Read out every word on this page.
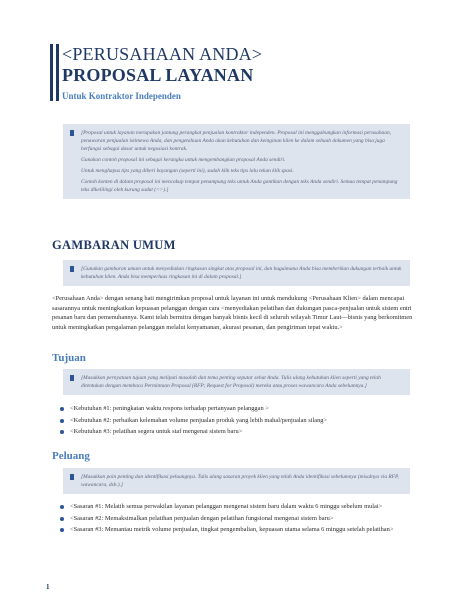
<PERUSAHAAN ANDA>
PROPOSAL LAYANAN
Untuk Kontraktor Independen

[Proposal untuk layanan merupakan jantung perangkat penjualan kontraktor independen. Proposal ini menggabungkan informasi perusahaan, penawaran penjualan istimewa Anda, dan pengetahuan Anda akan kebutuhan dan keinginan klien ke dalam sebuah dokumen yang bisa juga berfungsi sebagai dasar untuk negosiasi kontrak.

Gunakan contoh proposal ini sebagai kerangka untuk mengembangkan proposal Anda sendiri.

Untuk menghapus tips yang diberi bayangan (seperti ini), sudah klik teks tips lalu tekan klik spasi.

Contoh konten di dalam proposal ini mencakup tempat penampung teks untuk Anda gantikan dengan teks Anda sendiri. Semua tempat penampung teks dikelilingi oleh kurung sudut (<>).]

GAMBARAN UMUM

[Gunakan gambaran umum untuk menyediakan ringkasan singkat atas proposal ini, dan bagaimana Anda bisa memberikan dukungan terbaik untuk kebutuhan klien. Anda bisa memperluas ringkasan ini di dalam proposal.]

<Perusahaan Anda> dengan senang hati mengirimkan proposal untuk layanan ini untuk mendukung <Perusahaan Klien> dalam mencapai sasarannya untuk meningkatkan kepuasan pelanggan dengan cara <menyediakan pelatihan dan dukungan pasca-penjualan untuk sistem entri pesanan baru dan pemenuhannya. Kami telah bermitra dengan banyak bisnis kecil di seluruh wilayah Timur Laut—bisnis yang berkomitmen untuk meningkatkan pengalaman pelanggan melalui kenyamanan, akurasi pesanan, dan pengiriman tepat waktu.>
Tujuan

[Masukkan pernyataan tujuan yang meliputi masalah dan tema penting seputar sebut Anda. Tulis ulang kebutuhan klien seperti yang telah ditentukan dengan membaca Permintaan Proposal (RFP; Request for Proposal) mereka atau proses wawancara Anda sebelumnya.]

<Kebutuhan #1: peningkatan waktu respons terhadap pertanyaan pelanggan >
<Kebutuhan #2: perbaikan kelemahan volume penjualan produk yang lebih mahal/penjualan silang>
<Kebutuhan #3: pelatihan segera untuk staf mengenai sistem baru>
Peluang

[Masukkan poin penting dan identifikasi peluangnya. Tulis ulang sasaran proyek klien yang telah Anda identifikasi sebelumnya (misalnya via RFP, wawancara, dsb.).]

<Sasaran #1: Melatih semua perwakilan layanan pelanggan mengenai sistem baru dalam waktu 6 minggu sebelum mulai>
<Sasaran #2: Memaksimalkan pelatihan penjualan dengan pelatihan fungsional mengenai sistem baru>
<Sasaran #3: Memantau metrik volume penjualan, tingkat pengembalian, kepuasan utama selama 6 minggu setelah pelatihan>
1
